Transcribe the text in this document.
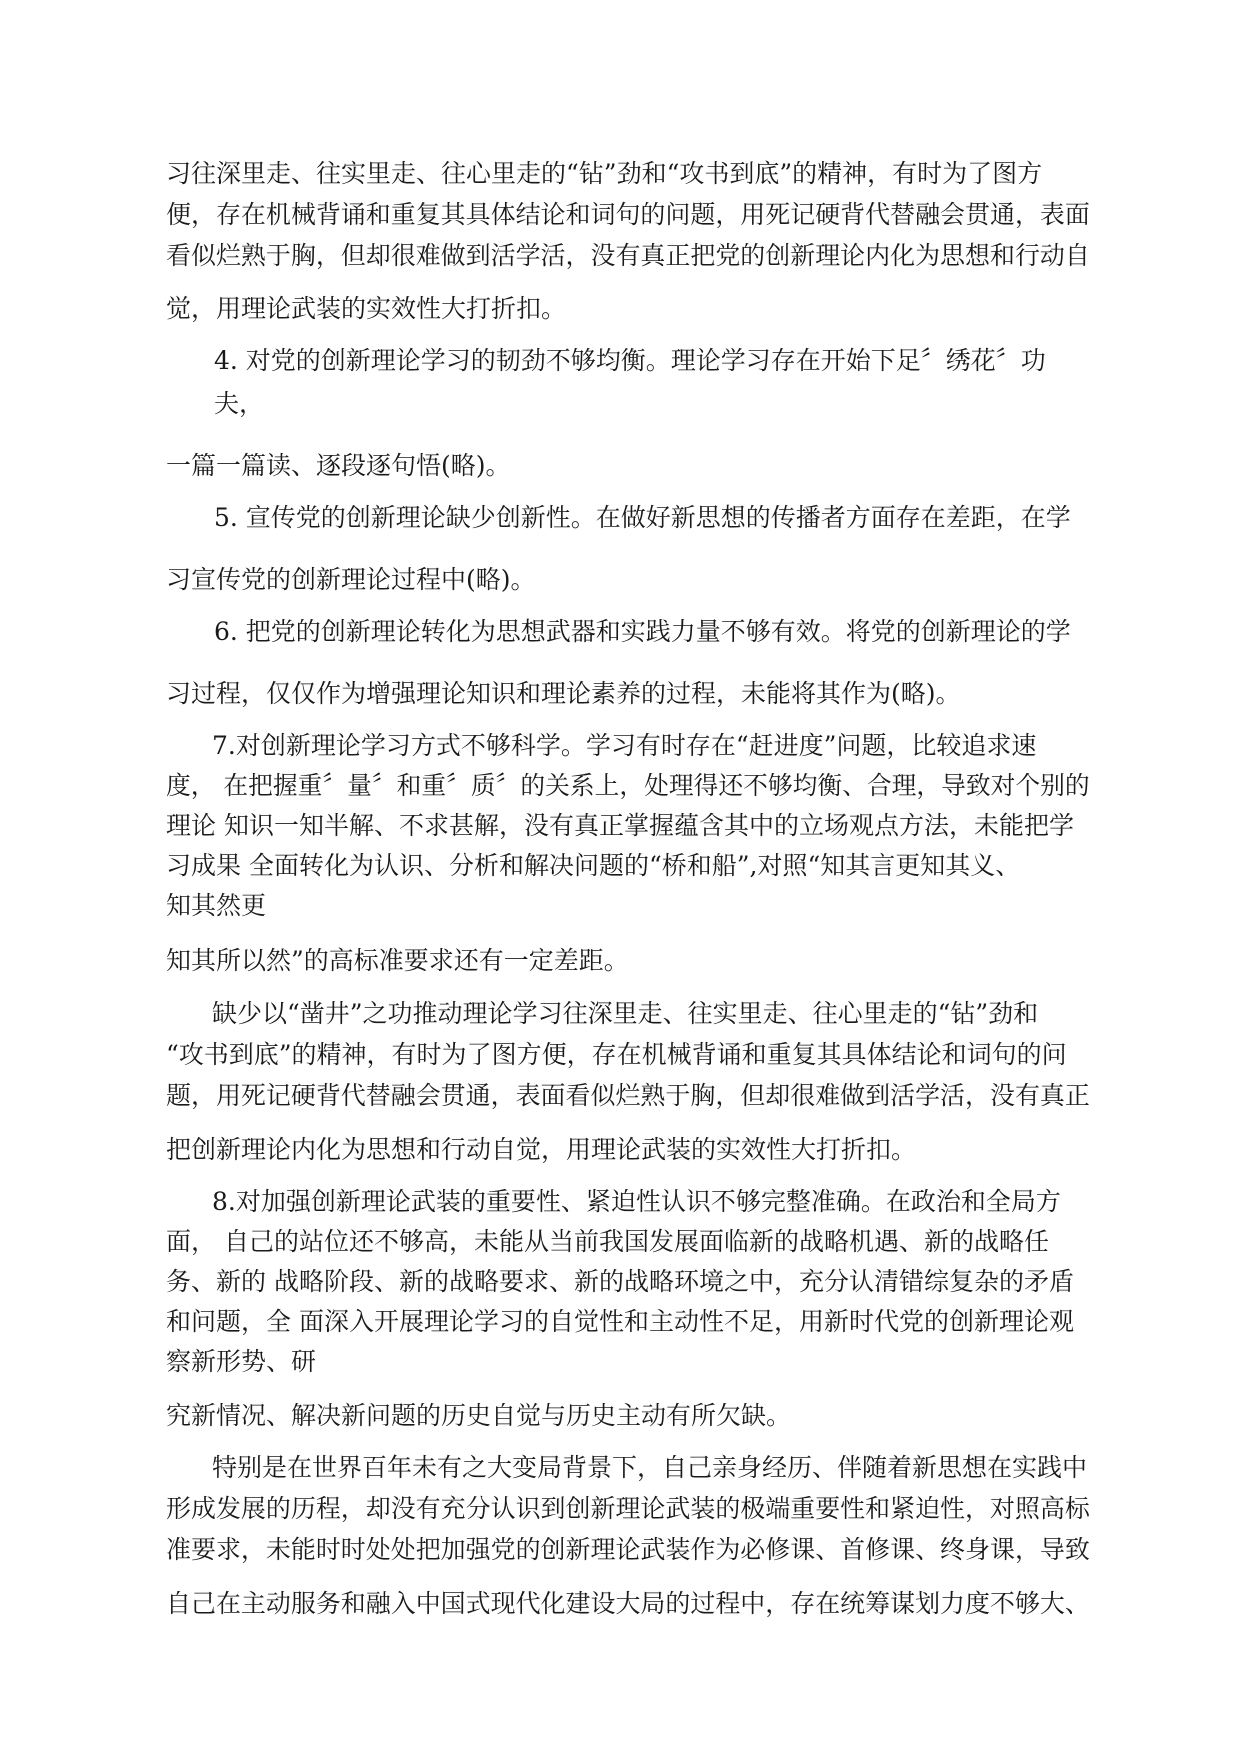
习往深里走、往实里走、往心里走的“钻”劲和“攻书到底”的精神，有时为了图方

便，存在机械背诵和重复其具体结论和词句的问题，用死记硬背代替融会贯通，表面

看似烂熟于胸，但却很难做到活学活，没有真正把党的创新理论内化为思想和行动自

觉，用理论武装的实效性大打折扣。

4. 对党的创新理论学习的韧劲不够均衡。理论学习存在开始下足〞绣花〞功

夫，

一篇一篇读、逐段逐句悟(略)。

5. 宣传党的创新理论缺少创新性。在做好新思想的传播者方面存在差距，在学

习宣传党的创新理论过程中(略)。

6. 把党的创新理论转化为思想武器和实践力量不够有效。将党的创新理论的学

习过程，仅仅作为增强理论知识和理论素养的过程，未能将其作为(略)。

7.对创新理论学习方式不够科学。学习有时存在“赶进度”问题，比较追求速

度， 在把握重〞量〞和重〞质〞的关系上，处理得还不够均衡、合理，导致对个别的

理论 知识一知半解、不求甚解，没有真正掌握蕴含其中的立场观点方法，未能把学

习成果 全面转化为认识、分析和解决问题的“桥和船”,对照“知其言更知其义、

知其然更

知其所以然”的高标准要求还有一定差距。

缺少以“凿井”之功推动理论学习往深里走、往实里走、往心里走的“钻”劲和

“攻书到底”的精神，有时为了图方便，存在机械背诵和重复其具体结论和词句的问

题，用死记硬背代替融会贯通，表面看似烂熟于胸，但却很难做到活学活，没有真正

把创新理论内化为思想和行动自觉，用理论武装的实效性大打折扣。

8.对加强创新理论武装的重要性、紧迫性认识不够完整准确。在政治和全局方

面， 自己的站位还不够高，未能从当前我国发展面临新的战略机遇、新的战略任

务、新的 战略阶段、新的战略要求、新的战略环境之中，充分认清错综复杂的矛盾

和问题，全 面深入开展理论学习的自觉性和主动性不足，用新时代党的创新理论观

察新形势、研

究新情况、解决新问题的历史自觉与历史主动有所欠缺。

特别是在世界百年未有之大变局背景下，自己亲身经历、伴随着新思想在实践中

形成发展的历程，却没有充分认识到创新理论武装的极端重要性和紧迫性，对照高标

准要求，未能时时处处把加强党的创新理论武装作为必修课、首修课、终身课，导致

自己在主动服务和融入中国式现代化建设大局的过程中，存在统筹谋划力度不够大、
